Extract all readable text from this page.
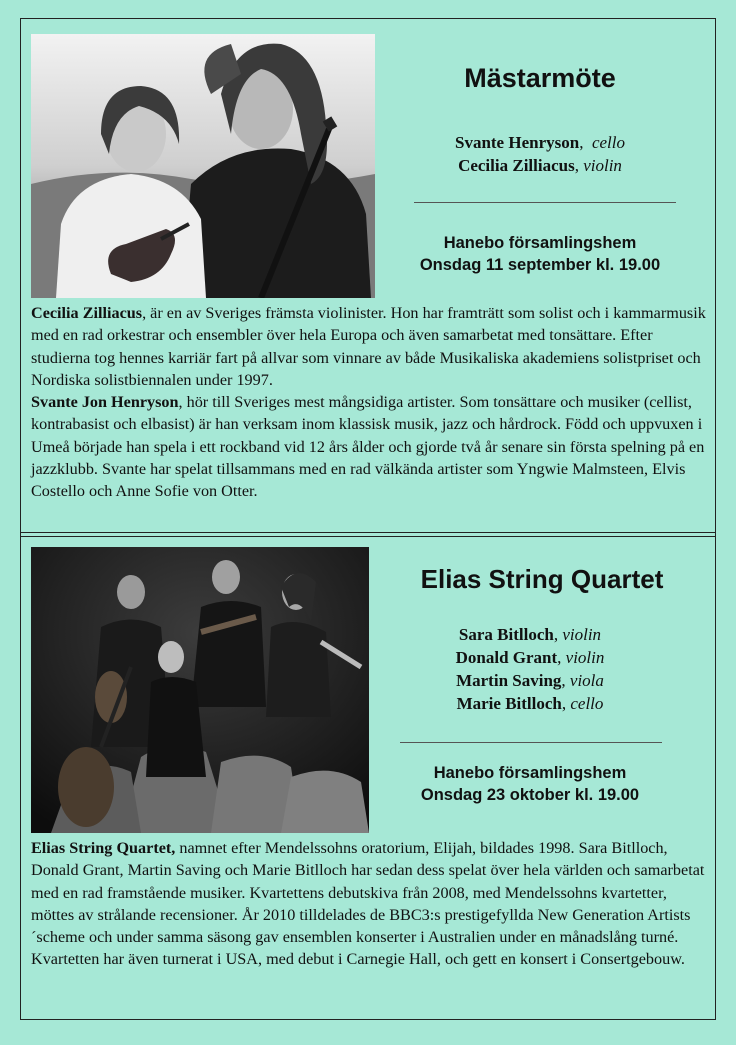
Mästarmöte
Svante Henryson,  cello
Cecilia Zilliacus, violin
Hanebo församlingshem
Onsdag 11 september kl. 19.00

Cecilia Zilliacus, är en av Sveriges främsta violinister. Hon har framträtt som solist och i kammarmusik med en rad orkestrar och ensembler över hela Europa och även samarbetat med tonsättare. Efter studierna tog hennes karriär fart på allvar som vinnare av både Musikaliska akademiens solistpriset och Nordiska solistbiennalen under 1997.

Svante Jon Henryson, hör till Sveriges mest mångsidiga artister. Som tonsättare och musiker (cellist, kontrabasist och elbasist) är han verksam inom klassisk musik, jazz och hårdrock. Född och uppvuxen i Umeå började han spela i ett rockband vid 12 års ålder och gjorde två år senare sin första spelning på en jazzklubb. Svante har spelat tillsammans med en rad välkända artister som Yngwie Malmsteen, Elvis Costello och Anne Sofie von Otter.

Elias String Quartet
Sara Bitlloch, violin
Donald Grant, violin
Martin Saving, viola
Marie Bitlloch, cello
Hanebo församlingshem
Onsdag 23 oktober kl. 19.00

Elias String Quartet, namnet efter Mendelssohns oratorium, Elijah, bildades 1998. Sara Bitlloch, Donald Grant, Martin Saving och Marie Bitlloch har sedan dess spelat över hela världen och samarbetat med en rad framstående musiker. Kvartettens debutskiva från 2008, med Mendelssohns kvartetter, möttes av strålande recensioner. År 2010 tilldelades de BBC3:s prestigefyllda New Generation Artists´scheme och under samma säsong gav ensemblen konserter i Australien under en månadslång turné. Kvartetten har även turnerat i USA, med debut i Carnegie Hall, och gett en konsert i Consertgebouw.
